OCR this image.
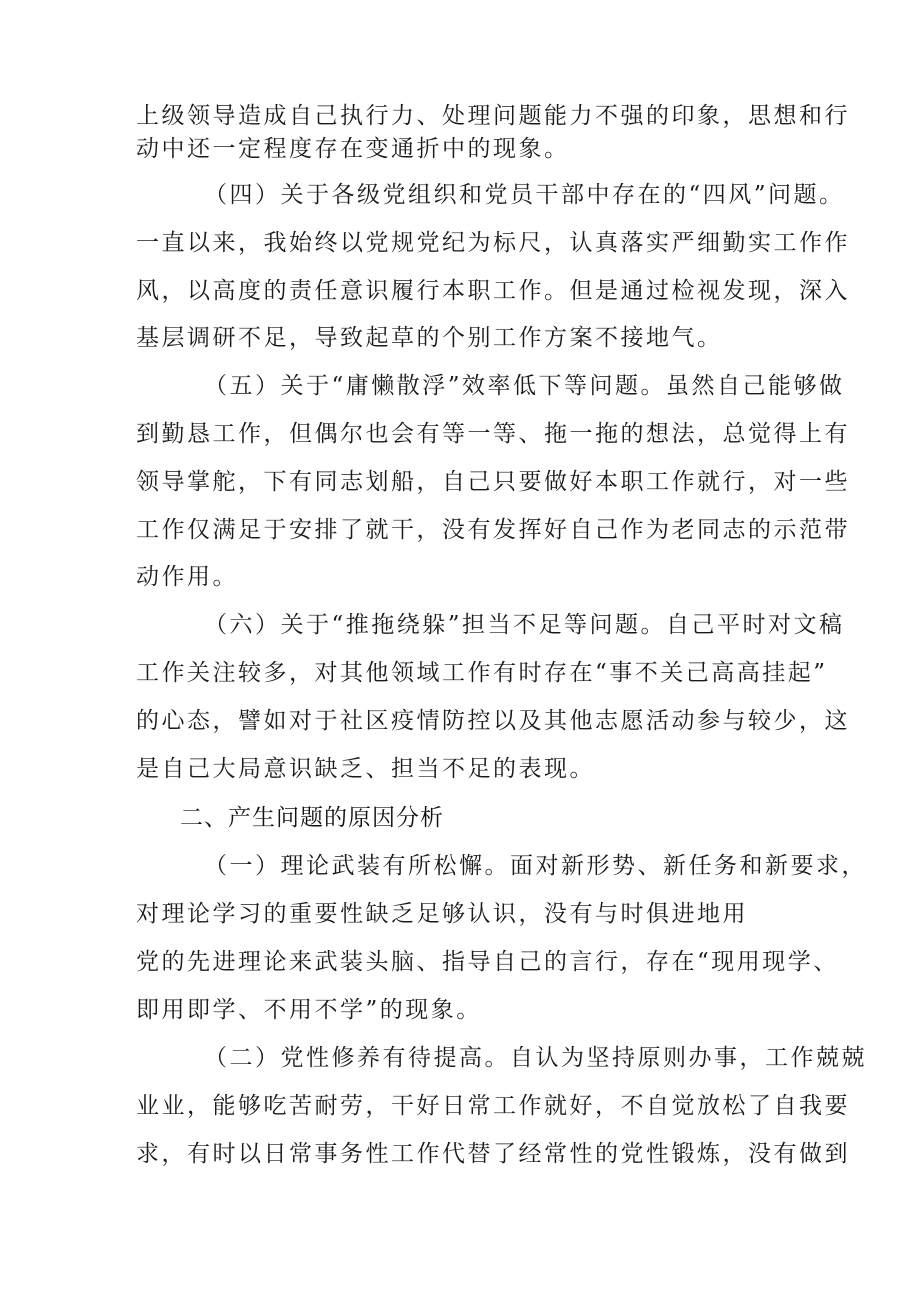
上级领导造成自己执行力、处理问题能力不强的印象，思想和行
动中还一定程度存在变通折中的现象。
（四）关于各级党组织和党员干部中存在的“四风”问题。
一直以来，我始终以党规党纪为标尺，认真落实严细勤实工作作
风，以高度的责任意识履行本职工作。但是通过检视发现，深入
基层调研不足，导致起草的个别工作方案不接地气。
（五）关于“庸懒散浮”效率低下等问题。虽然自己能够做
到勤恳工作，但偶尔也会有等一等、拖一拖的想法，总觉得上有
领导掌舵，下有同志划船，自己只要做好本职工作就行，对一些
工作仅满足于安排了就干，没有发挥好自己作为老同志的示范带
动作用。
（六）关于“推拖绕躲”担当不足等问题。自己平时对文稿
工作关注较多，对其他领域工作有时存在“事不关己高高挂起”
的心态，譬如对于社区疫情防控以及其他志愿活动参与较少，这
是自己大局意识缺乏、担当不足的表现。
二、产生问题的原因分析
（一）理论武装有所松懈。面对新形势、新任务和新要求，
对理论学习的重要性缺乏足够认识，没有与时俱进地用
党的先进理论来武装头脑、指导自己的言行，存在“现用现学、
即用即学、不用不学”的现象。
（二）党性修养有待提高。自认为坚持原则办事，工作兢兢
业业，能够吃苦耐劳，干好日常工作就好，不自觉放松了自我要
求，有时以日常事务性工作代替了经常性的党性锻炼，没有做到
